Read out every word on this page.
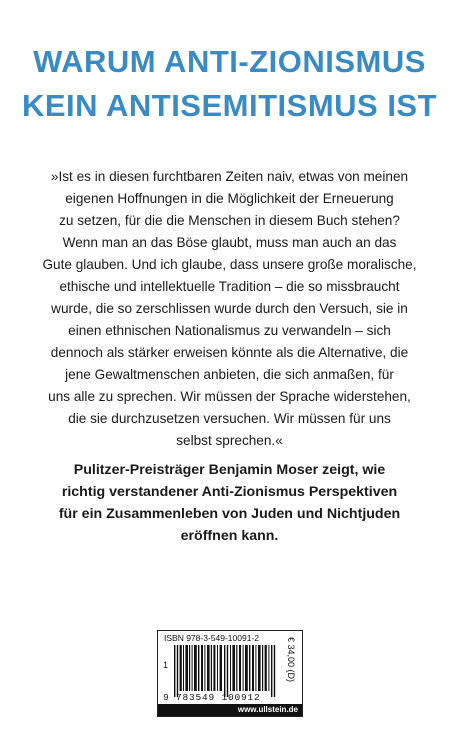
WARUM ANTI-ZIONISMUS
KEIN ANTISEMITISMUS IST
»Ist es in diesen furchtbaren Zeiten naiv, etwas von meinen
eigenen Hoffnungen in die Möglichkeit der Erneuerung
zu setzen, für die die Menschen in diesem Buch stehen?
Wenn man an das Böse glaubt, muss man auch an das
Gute glauben. Und ich glaube, dass unsere große moralische,
ethische und intellektuelle Tradition – die so missbraucht
wurde, die so zerschlissen wurde durch den Versuch, sie in
einen ethnischen Nationalismus zu verwandeln – sich
dennoch als stärker erweisen könnte als die Alternative, die
jene Gewaltmenschen anbieten, die sich anmaßen, für
uns alle zu sprechen. Wir müssen der Sprache widerstehen,
die sie durchzusetzen versuchen. Wir müssen für uns
selbst sprechen.«
Pulitzer-Preisträger Benjamin Moser zeigt, wie
richtig verstandener Anti-Zionismus Perspektiven
für ein Zusammenleben von Juden und Nichtjuden
eröffnen kann.
ISBN 978-3-549-10091-2
1
9 783549 100912
€ 34,00 (D)
www.ullstein.de
